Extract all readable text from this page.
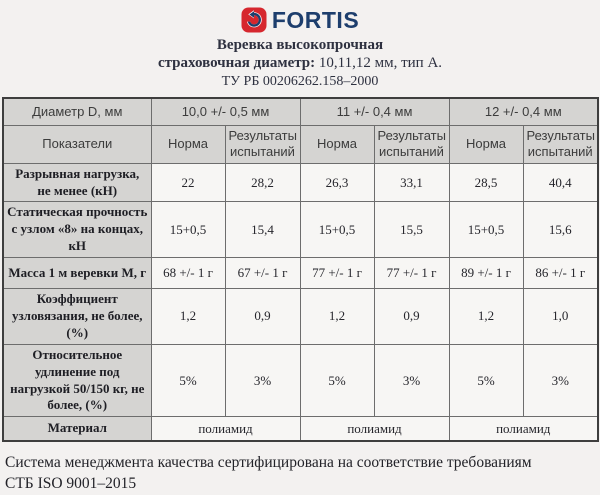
FORTIS
Веревка высокопрочная
страховочная диаметр: 10,11,12 мм, тип А.
ТУ РБ 00206262.158–2000
Диаметр D, мм	10,0 +/- 0,5 мм		11 +/- 0,4 мм		12 +/- 0,4 мм	
Показатели	Норма	Результаты испытаний	Норма	Результаты испытаний	Норма	Результаты испытаний
Разрывная нагрузка, не менее (кН)	22	28,2	26,3	33,1	28,5	40,4
Статическая прочность с узлом «8» на концах, кН	15+0,5	15,4	15+0,5	15,5	15+0,5	15,6
Масса 1 м веревки М, г	68 +/- 1 г	67 +/- 1 г	77 +/- 1 г	77 +/- 1 г	89 +/- 1 г	86 +/- 1 г
Коэффициент узловязания, не более, (%)	1,2	0,9	1,2	0,9	1,2	1,0
Относительное удлинение под нагрузкой 50/150 кг, не более, (%)	5%	3%	5%	3%	5%	3%
Материал	полиамид		полиамид		полиамид	
Система менеджмента качества сертифицирована на соответствие требованиям
СТБ ISO 9001–2015
